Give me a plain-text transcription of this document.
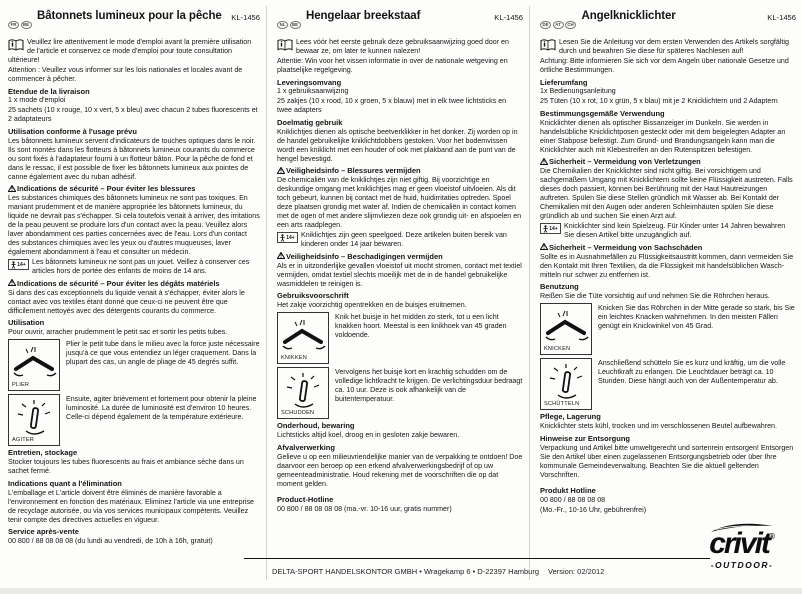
FR BE
Bâtonnets lumineux pour la pêche	KL-1456
Veuillez lire attentivement le mode d'emploi avant la première utilisation de l'article et conservez ce mode d'emploi pour toute consultation ultérieure!
Attention : Veuillez vous informer sur les lois nationales et locales avant de commencer à pêcher.
Etendue de la livraison
1 x mode d'emploi
25 sachets (10 x rouge, 10 x vert, 5 x bleu) avec chacun 2 tubes fluorescents et 2 adaptateurs
Utilisation conforme à l'usage prévu
Les bâtonnets lumineux servent d'indicateurs de touches optiques dans le noir. Ils sont montés dans les flotteurs à bâtonnets lumineux courants du commerce ou sont fixés à l'adaptateur fourni à un flotteur bâton. Pour la pêche de fond et dans le ressac, il est possible de fixer les bâtonnets lumineux aux pointes de canne également avec du ruban adhésif.
Indications de sécurité – Pour éviter les blessures
Les substances chimiques des bâtonnets lumineux ne sont pas toxiques. En maniant prudemment et de manière appropriée les bâtonnets lumineux, du liquide ne devrait pas s'échapper. Si cela toutefois venait à arriver, des irritations de la peau peuvent se produire lors d'un contact avec la peau. Veuillez alors laver abondamment ces parties concernées avec de l'eau. Lors d'un contact des substances chimiques avec les yeux ou d'autres muqueuses, laver également abondamment à l'eau et consulter un médecin.
14+ Les bâtonnets lumineux ne sont pas un jouet. Veillez à conserver ces articles hors de portée des enfants de moins de 14 ans.
Indications de sécurité – Pour éviter les dégâts matériels
Si dans des cas exceptionnels du liquide venait à s'échapper, éviter alors le contact avec vos textiles étant donné que ceux-ci ne peuvent être que difficilement nettoyés avec des détergents courants du commerce.
Utilisation
Pour ouvrir, arracher prudemment le petit sac et sortir les petits tubes.
PLIER
Plier le petit tube dans le milieu avec la force juste nécessaire jusqu'à ce que vous entendiez un léger craquement. Dans la plupart des cas, un angle de pliage de 45 degrés suffit.
AGITER
Ensuite, agiter brièvement et fortement pour obtenir la pleine luminosité. La durée de luminosité est d'environ 10 heures. Celle-ci dépend également de la température extérieure.
Entretien, stockage
Stocker toujours les tubes fluorescents au frais et ambiance sèche dans un sachet fermé.
Indications quant a l'élimination
L'emballage et L'article doivent être éliminés de manière favorable a l'environnement en fonction des matériaux. Eliminez l'article via une entreprise de recyclage autorisée, ou via vos services municipaux compétents. Veuillez tenir compte des directives actuelles en vigueur.
Service après-vente
00 800 / 88 08 08 08 (du lundi au vendredi, de 10h à 16h, gratuit)
NL BE
Hengelaar breekstaaf	KL-1456
Lees vóór het eerste gebruik deze gebruiksaanwijzing goed door en bewaar ze, om later te kunnen nalezen!
Attentie: Win voor het vissen informatie in over de nationale wetgeving en plaatselijke regelgeving.
Leveringsomvang
1 x gebruiksaanwijzing
25 zakjes (10 x rood, 10 x groen, 5 x blauw) met in elk twee lichtsticks en twee adapters
Doelmatig gebruik
Kniklichtjes dienen als optische beetverklikker in het donker. Zij worden op in de handel gebruikelijke kniklichtdobbers gestoken. Voor het bodemvissen wordt een kniklicht met een houder of ook met plakband aan de punt van de hengel bevestigd.
Veiligheidsinfo – Blessures vermijden
De chemicaliën van de kniklichtjes zijn niet giftig. Bij voorzichtige en deskundige omgang met kniklichtjes mag er geen vloeistof uitvloeien. Als dit toch gebeurt, kunnen bij contact met de huid, huidirritaties optreden. Spoel deze plaatsen grondig met water af. Indien de chemicaliën in contact komen met de ogen of met andere slijmvliezen deze ook grondig uit- en afspoelen en een arts raadplegen.
14+ Kniklichtjes zijn geen speelgoed. Deze artikelen buiten bereik van kinderen onder 14 jaar bewaren.
Veiligheidsinfo – Beschadigingen vermijden
Als er in uitzonderlijke gevallen vloeistof uit mocht stromen, contact met textiel vermijden, omdat textiel slechts moeilijk met de in de handel gebruikelijke wasmiddelen te reinigen is.
Gebruiksvoorschrift
Het zakje voorzichtig opentrekken en de buisjes eruitnemen.
KNIKKEN
Knik het buisje in het midden zo sterk, tot u een licht knakken hoort. Meestal is een knikhoek van 45 graden voldoende.
SCHUDDEN
Vervolgens het buisje kort en krachtig schudden om de volledige lichtkracht te krijgen. De verlichtingsduur bedraagt ca. 10 uur. Deze is ook afhankelijk van de buitentemperatuur.
Onderhoud, bewaring
Lichtsticks altijd koel, droog en in gesloten zakje bewaren.
Afvalverwerking
Gelieve u op een milieuvriendelijke manier van de verpakking te ontdoen! Doe daarvoor een beroep op een erkend afvalverwerkingsbedrijf of op uw gemeenteadministratie. Houd rekening met de voorschriften die op dat moment gelden.
Product-Hotline
00 800 / 88 08 08 08 (ma.-vr. 10-16 uur, gratis nummer)
DE AT CH
Angelknicklichter	KL-1456
Lesen Sie die Anleitung vor dem ersten Verwenden des Artikels sorgfältig durch und bewahren Sie diese für späteres Nachlesen auf!
Achtung: Bitte informieren Sie sich vor dem Angeln über nationale Gesetze und örtliche Bestimmungen.
Lieferumfang
1x Bedienungsanleitung
25 Tüten (10 x rot, 10 x grün, 5 x blau) mit je 2 Knicklichtern und 2 Adaptern
Bestimmungsgemäße Verwendung
Knicklichter dienen als optischer Bissanzeiger im Dunkeln. Sie werden in handelsübliche Knicklichtposen gesteckt oder mit dem beigelegten Adapter an einer Stabpose befestigt. Zum Grund- und Brandungsangeln kann man die Knicklichter auch mit Klebestreifen an den Rutenspitzen befestigen.
Sicherheit – Vermeidung von Verletzungen
Die Chemikalien der Knicklichter sind nicht giftig. Bei vorsichtigem und sachgemäßem Umgang mit Knicklichtern sollte keine Flüssigkeit austreten. Falls dieses doch passiert, können bei Berührung mit der Haut Hautreizungen auftreten. Spülen Sie diese Stellen gründlich mit Wasser ab. Bei Kontakt der Chemikalien mit den Augen oder anderen Schleimhäuten spülen Sie diese gründlich ab und suchen Sie einen Arzt auf.
14+ Knicklichter sind kein Spielzeug. Für Kinder unter 14 Jahren bewahren Sie diesen Artikel bitte unzugänglich auf.
Sicherheit – Vermeidung von Sachschäden
Sollte es in Ausnahmefällen zu Flüssigkeitsaustritt kommen, dann vermeiden Sie den Kontakt mit Ihren Textilien, da die Flüssigkeit mit handelsüblichen Wasch-mitteln nur schwer zu entfernen ist.
Benutzung
Reißen Sie die Tüte vorsichtig auf und nehmen Sie die Röhrchen heraus.
KNICKEN
Knicken Sie das Röhrchen in der Mitte gerade so stark, bis Sie ein leichtes Knacken wahrnehmen. In den meisten Fällen genügt ein Knickwinkel von 45 Grad.
SCHÜTTELN
Anschließend schütteln Sie es kurz und kräftig, um die volle Leuchtkraft zu erlangen. Die Leuchtdauer beträgt ca. 10 Stunden. Diese hängt auch von der Außentemperatur ab.
Pflege, Lagerung
Knicklichter stets kühl, trocken und im verschlossenen Beutel aufbewahren.
Hinweise zur Entsorgung
Verpackung und Artikel bitte umweltgerecht und sortenrein entsorgen! Entsorgen Sie den Artikel über einen zugelassenen Entsorgungsbetrieb oder über Ihre kommunale Gemeindeverwaltung. Beachten Sie die aktuell geltenden Vorschriften.
Produkt Hotline
00 800 / 88 08 08 08
(Mo.-Fr., 10-16 Uhr, gebührenfrei)
DELTA-SPORT HANDELSKONTOR GMBH • Wragekamp 6 • D-22397 Hamburg Version: 02/2012
crivit®
-OUTDOOR-
